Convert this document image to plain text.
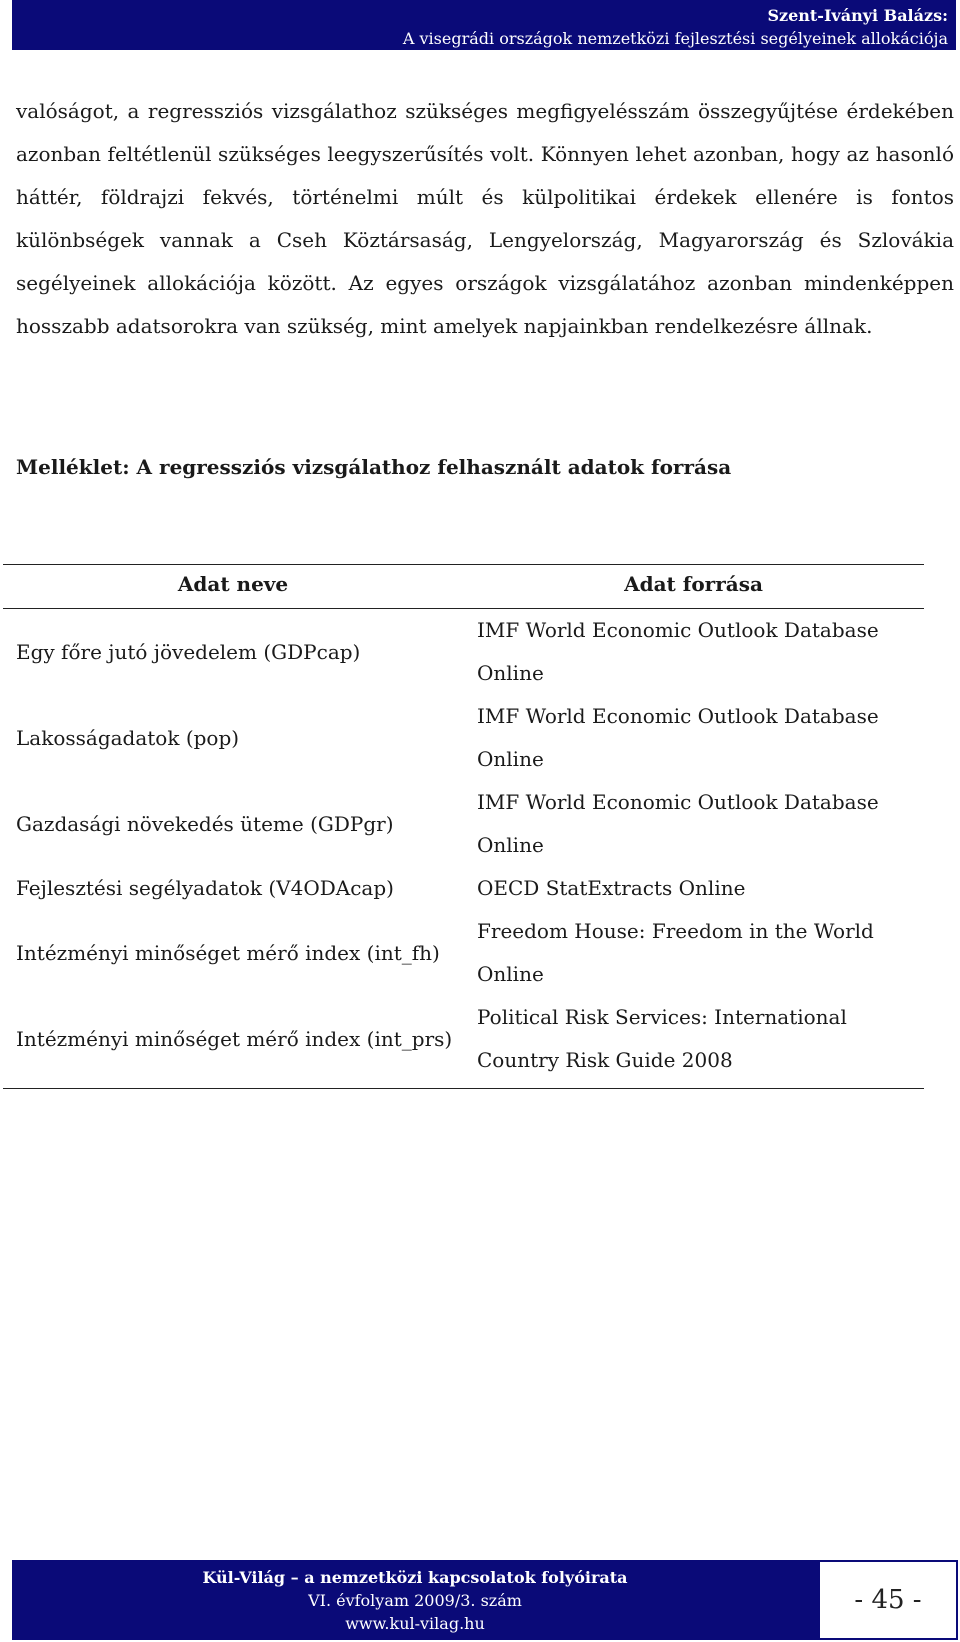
Szent-Iványi Balázs:
A visegrádi országok nemzetközi fejlesztési segélyeinek allokációja

valóságot, a regressziós vizsgálathoz szükséges megfigyelésszám összegyűjtése érdekében azonban feltétlenül szükséges leegyszerűsítés volt. Könnyen lehet azonban, hogy az hasonló háttér, földrajzi fekvés, történelmi múlt és külpolitikai érdekek ellenére is fontos különbségek vannak a Cseh Köztársaság, Lengyelország, Magyarország és Szlovákia segélyeinek allokációja között. Az egyes országok vizsgálatához azonban mindenképpen hosszabb adatsorokra van szükség, mint amelyek napjainkban rendelkezésre állnak.

Melléklet: A regressziós vizsgálathoz felhasznált adatok forrása
Adat neve	Adat forrása
Egy főre jutó jövedelem (GDPcap)	IMF World Economic Outlook Database
Online

Lakosságadatok (pop)	IMF World Economic Outlook Database
Online

Gazdasági növekedés üteme (GDPgr)	IMF World Economic Outlook Database
Online

Fejlesztési segélyadatok (V4ODAcap)	OECD StatExtracts Online

Intézményi minőséget mérő index (int_fh)	Freedom House: Freedom in the World
Online

Intézményi minőséget mérő index (int_prs)	Political Risk Services: International
Country Risk Guide 2008
Kül-Világ – a nemzetközi kapcsolatok folyóirata
VI. évfolyam 2009/3. szám
www.kul-vilag.hu
- 45 -
